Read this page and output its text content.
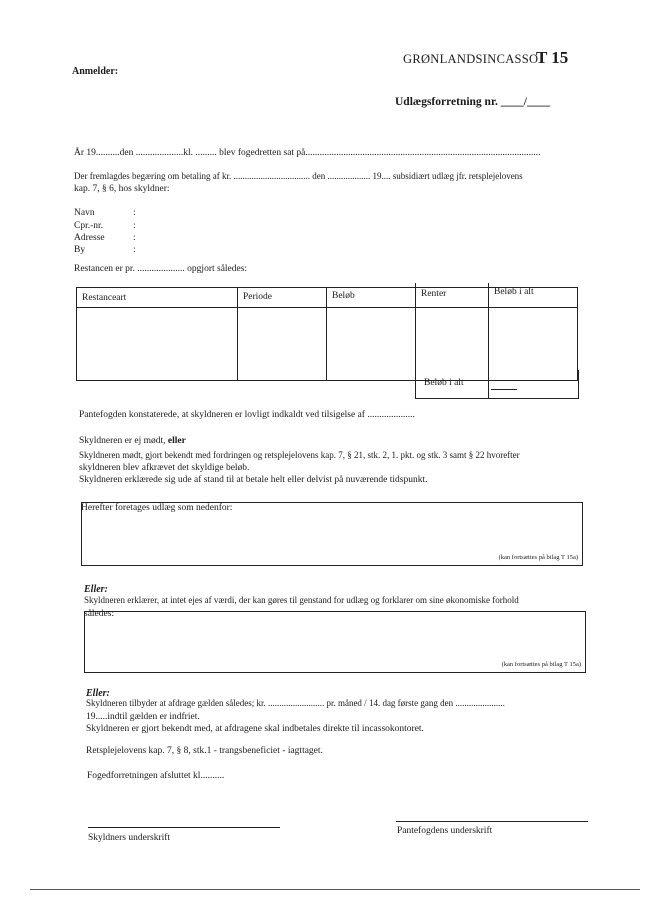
Anmelder:
GRØNLANDSINCASSO
T 15
Udlægsforretning nr. ____/____
År 19..........den ....................kl. ......... blev fogedretten sat på...................................................................................................
Der fremlagdes begæring om betaling af kr. .................................. den ................... 19.... subsidiært udlæg jfr. retsplejelovens
kap. 7, § 6, hos skyldner:
Navn	:
Cpr.-nr.	:
Adresse	:
By	:
Restancen er pr. .................... opgjort således:
Restanceart	Periode	Beløb	Renter	Beløb i alt
Beløb i alt
Pantefogden konstaterede, at skyldneren er lovligt indkaldt ved tilsigelse af ....................
Skyldneren er ej mødt, eller
Skyldneren mødt, gjort bekendt med fordringen og retsplejelovens kap. 7, § 21, stk. 2, 1. pkt. og stk. 3 samt § 22 hvorefter
skyldneren blev afkrævet det skyldige beløb.
Skyldneren erklærede sig ude af stand til at betale helt eller delvist på nuværende tidspunkt.
Herefter foretages udlæg som nedenfor:
(kan fortsættes på bilag T 15a)
Eller:
Skyldneren erklærer, at intet ejes af værdi, der kan gøres til genstand for udlæg og forklarer om sine økonomiske forhold
således:
(kan fortsættes på bilag T 15a)
Eller:
Skyldneren tilbyder at afdrage gælden således; kr. ......................... pr. måned / 14. dag første gang den ......................
19.....indtil gælden er indfriet.
Skyldneren er gjort bekendt med, at afdragene skal indbetales direkte til incassokontoret.
Retsplejelovens kap. 7, § 8, stk.1 - trangsbeneficiet - iagttaget.
Fogedforretningen afsluttet kl..........
Skyldners underskrift
Pantefogdens underskrift
